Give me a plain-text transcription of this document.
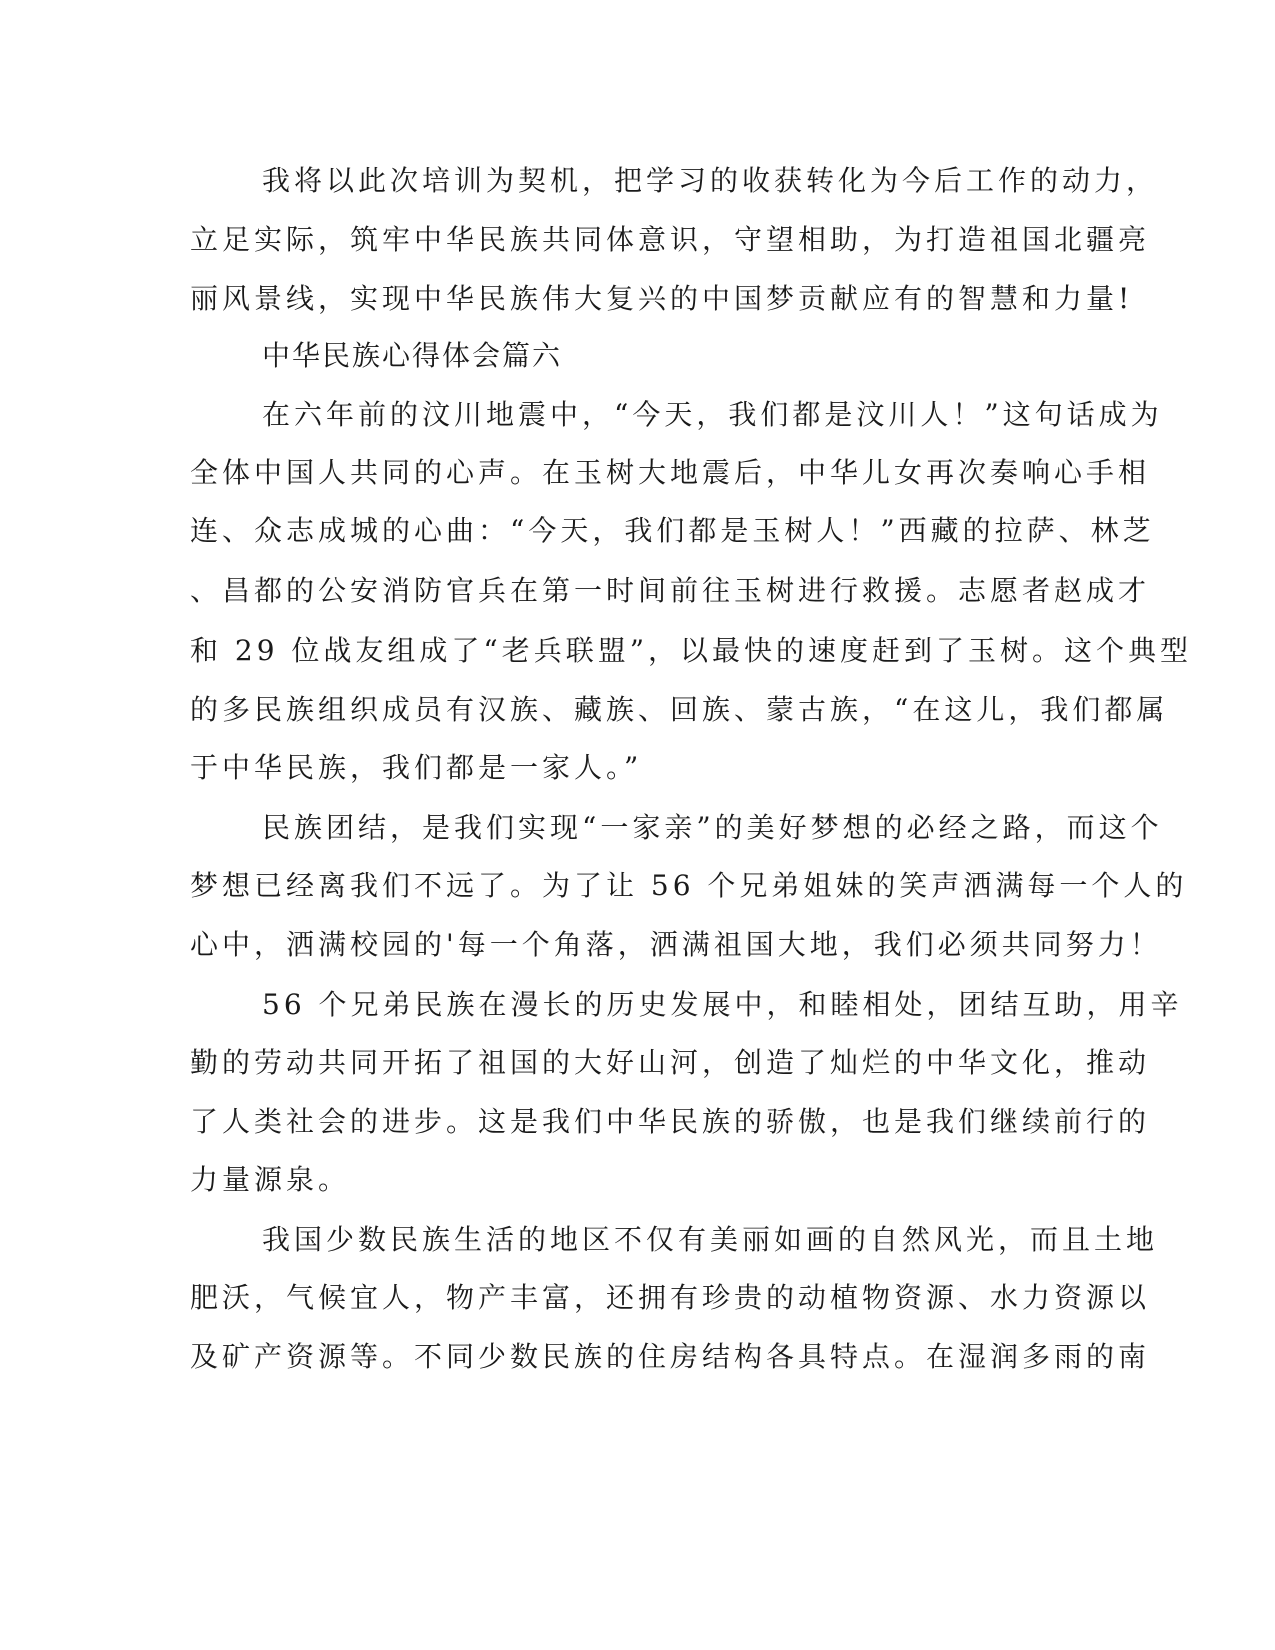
我将以此次培训为契机，把学习的收获转化为今后工作的动力，
立足实际，筑牢中华民族共同体意识，守望相助，为打造祖国北疆亮
丽风景线，实现中华民族伟大复兴的中国梦贡献应有的智慧和力量!
中华民族心得体会篇六
在六年前的汶川地震中，“今天，我们都是汶川人！”这句话成为
全体中国人共同的心声。在玉树大地震后，中华儿女再次奏响心手相
连、众志成城的心曲：“今天，我们都是玉树人！”西藏的拉萨、林芝
、昌都的公安消防官兵在第一时间前往玉树进行救援。志愿者赵成才
和 29 位战友组成了“老兵联盟”，以最快的速度赶到了玉树。这个典型
的多民族组织成员有汉族、藏族、回族、蒙古族，“在这儿，我们都属
于中华民族，我们都是一家人。”
民族团结，是我们实现“一家亲”的美好梦想的必经之路，而这个
梦想已经离我们不远了。为了让 56 个兄弟姐妹的笑声洒满每一个人的
心中，洒满校园的'每一个角落，洒满祖国大地，我们必须共同努力！
56 个兄弟民族在漫长的历史发展中，和睦相处，团结互助，用辛
勤的劳动共同开拓了祖国的大好山河，创造了灿烂的中华文化，推动
了人类社会的进步。这是我们中华民族的骄傲，也是我们继续前行的
力量源泉。
我国少数民族生活的地区不仅有美丽如画的自然风光，而且土地
肥沃，气候宜人，物产丰富，还拥有珍贵的动植物资源、水力资源以
及矿产资源等。不同少数民族的住房结构各具特点。在湿润多雨的南
